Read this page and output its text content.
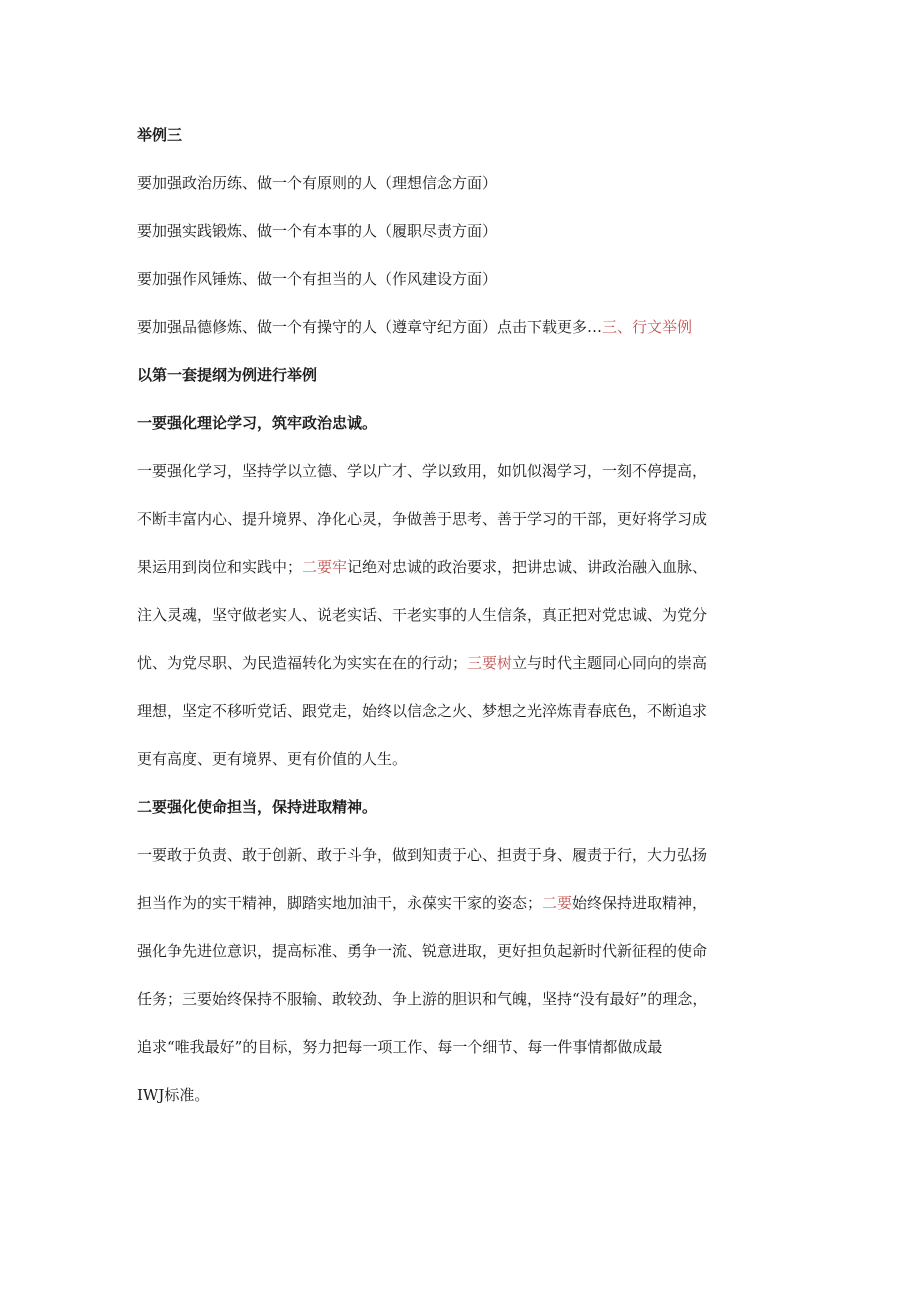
举例三
要加强政治历练、做一个有原则的人（理想信念方面）
要加强实践锻炼、做一个有本事的人（履职尽责方面）
要加强作风锤炼、做一个有担当的人（作风建设方面）
要加强品德修炼、做一个有操守的人（遵章守纪方面）点击下载更多…三、行文举例
以第一套提纲为例进行举例
一要强化理论学习，筑牢政治忠诚。
一要强化学习，坚持学以立德、学以广才、学以致用，如饥似渴学习，一刻不停提高，
不断丰富内心、提升境界、净化心灵，争做善于思考、善于学习的干部，更好将学习成
果运用到岗位和实践中；二要牢记绝对忠诚的政治要求，把讲忠诚、讲政治融入血脉、
注入灵魂，坚守做老实人、说老实话、干老实事的人生信条，真正把对党忠诚、为党分
忧、为党尽职、为民造福转化为实实在在的行动；三要树立与时代主题同心同向的崇高
理想，坚定不移听党话、跟党走，始终以信念之火、梦想之光淬炼青春底色，不断追求
更有高度、更有境界、更有价值的人生。
二要强化使命担当，保持进取精神。
一要敢于负责、敢于创新、敢于斗争，做到知责于心、担责于身、履责于行，大力弘扬
担当作为的实干精神，脚踏实地加油干，永葆实干家的姿态；二要始终保持进取精神，
强化争先进位意识，提高标准、勇争一流、锐意进取，更好担负起新时代新征程的使命
任务；三要始终保持不服输、敢较劲、争上游的胆识和气魄，坚持“没有最好”的理念，
追求“唯我最好”的目标，努力把每一项工作、每一个细节、每一件事情都做成最
IWJ标准。
